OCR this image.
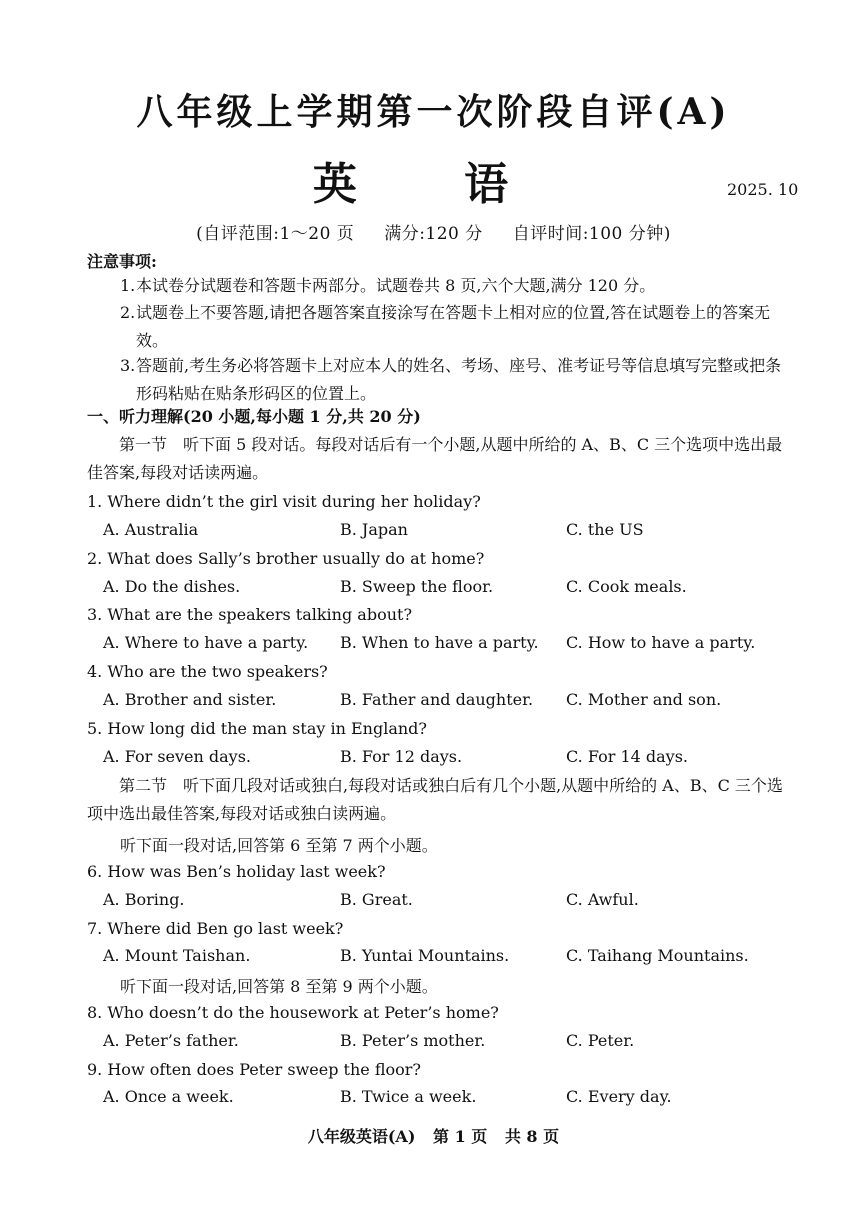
八年级上学期第一次阶段自评(A)
英 语	2025. 10
(自评范围:1～20 页 满分:120 分 自评时间:100 分钟)
注意事项:
1. 本试卷分试题卷和答题卡两部分。试题卷共 8 页,六个大题,满分 120 分。
2. 试题卷上不要答题,请把各题答案直接涂写在答题卡上相对应的位置,答在试题卷上的答案无效。
3. 答题前,考生务必将答题卡上对应本人的姓名、考场、座号、准考证号等信息填写完整或把条形码粘贴在贴条形码区的位置上。
一、听力理解(20 小题,每小题 1 分,共 20 分)
第一节　听下面 5 段对话。每段对话后有一个小题,从题中所给的 A、B、C 三个选项中选出最佳答案,每段对话读两遍。
1. Where didn’t the girl visit during her holiday?
A. Australia	B. Japan	C. the US
2. What does Sally’s brother usually do at home?
A. Do the dishes.	B. Sweep the floor.	C. Cook meals.
3. What are the speakers talking about?
A. Where to have a party. B. When to have a party. C. How to have a party.
4. Who are the two speakers?
A. Brother and sister.	B. Father and daughter. C. Mother and son.
5. How long did the man stay in England?
A. For seven days.	B. For 12 days.	C. For 14 days.
第二节　听下面几段对话或独白,每段对话或独白后有几个小题,从题中所给的 A、B、C 三个选项中选出最佳答案,每段对话或独白读两遍。
听下面一段对话,回答第 6 至第 7 两个小题。
6. How was Ben’s holiday last week?
A. Boring.	B. Great.	C. Awful.
7. Where did Ben go last week?
A. Mount Taishan.	B. Yuntai Mountains.	C. Taihang Mountains.
听下面一段对话,回答第 8 至第 9 两个小题。
8. Who doesn’t do the housework at Peter’s home?
A. Peter’s father.	B. Peter’s mother.	C. Peter.
9. How often does Peter sweep the floor?
A. Once a week.	B. Twice a week.	C. Every day.
八年级英语(A) 第 1 页 共 8 页
